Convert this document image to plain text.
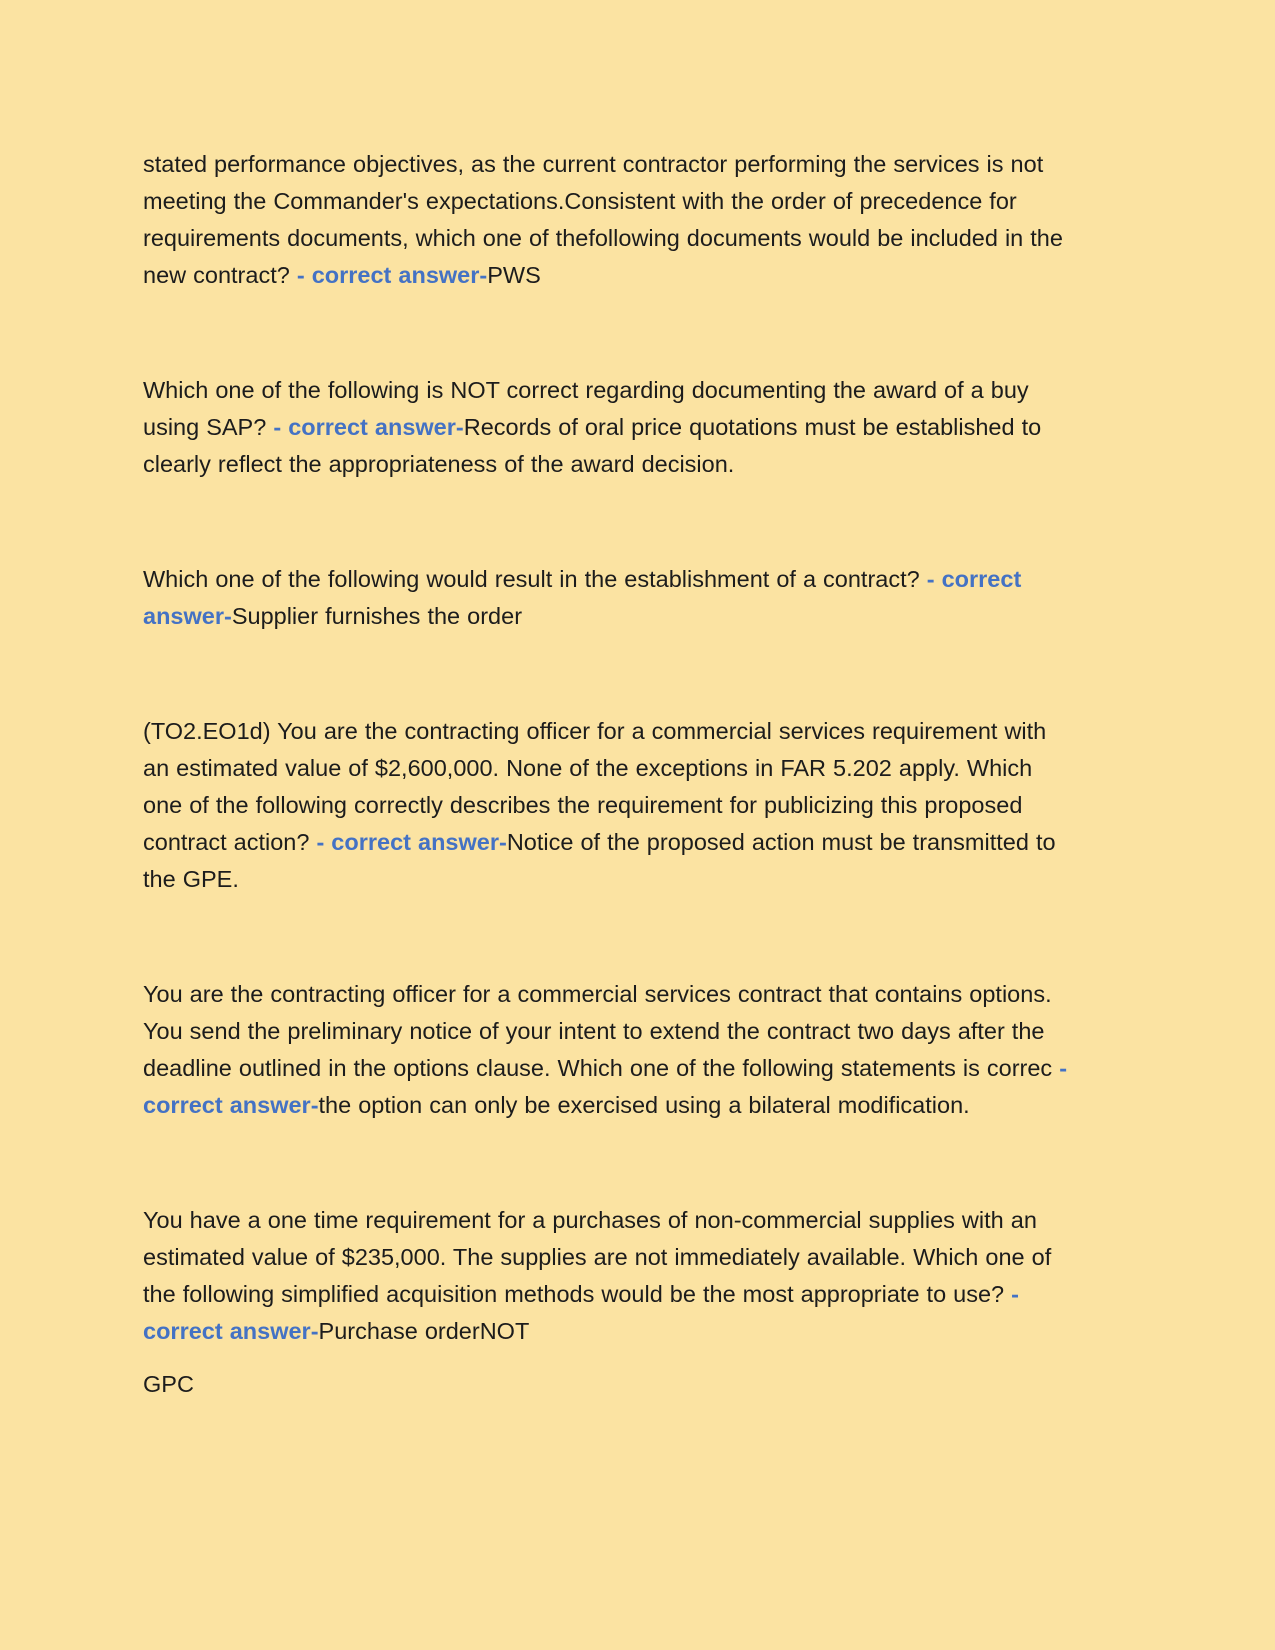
stated performance objectives, as the current contractor performing the services is not meeting the Commander's expectations.Consistent with the order of precedence for requirements documents, which one of thefollowing documents would be included in the new contract? - correct answer-PWS

Which one of the following is NOT correct regarding documenting the award of a buy using SAP? - correct answer-Records of oral price quotations must be established to clearly reflect the appropriateness of the award decision.

Which one of the following would result in the establishment of a contract? - correct answer-Supplier furnishes the order

(TO2.EO1d) You are the contracting officer for a commercial services requirement with an estimated value of $2,600,000. None of the exceptions in FAR 5.202 apply. Which one of the following correctly describes the requirement for publicizing this proposed contract action? - correct answer-Notice of the proposed action must be transmitted to the GPE.

You are the contracting officer for a commercial services contract that contains options. You send the preliminary notice of your intent to extend the contract two days after the deadline outlined in the options clause. Which one of the following statements is correc - correct answer-the option can only be exercised using a bilateral modification.

You have a one time requirement for a purchases of non-commercial supplies with an estimated value of $235,000. The supplies are not immediately available. Which one of the following simplified acquisition methods would be the most appropriate to use? - correct answer-Purchase orderNOT

GPC
